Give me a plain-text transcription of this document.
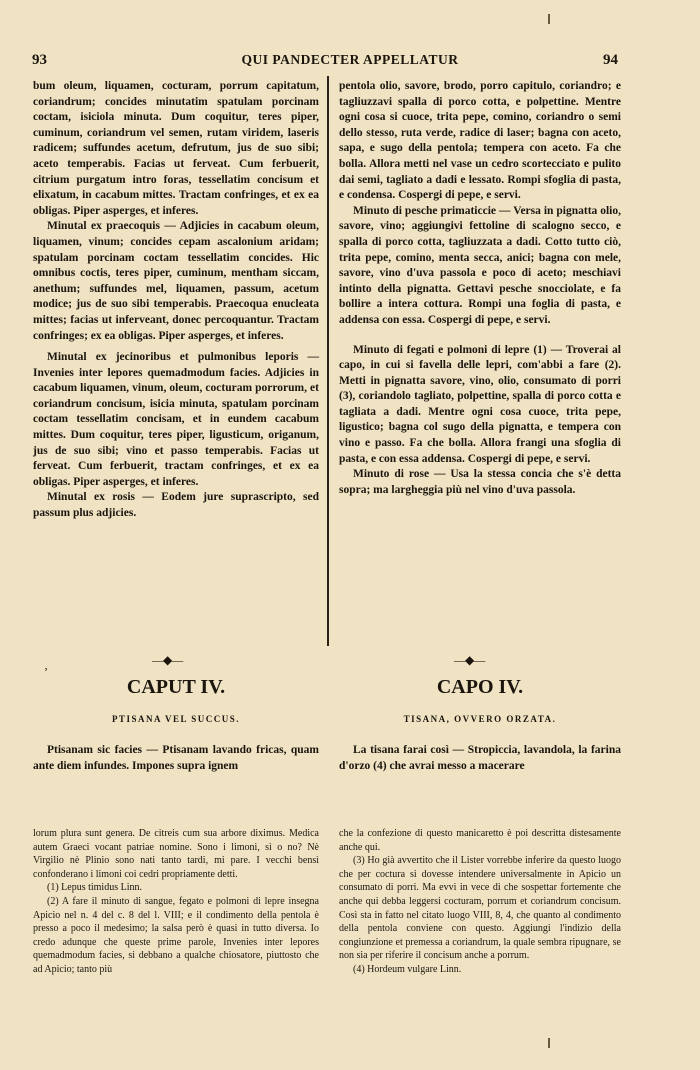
93	QUI PANDECTER APPELLATUR	94

bum oleum, liquamen, cocturam, porrum capitatum, coriandrum; concides minutatim spatulam porcinam coctam, isiciola minuta. Dum coquitur, teres piper, cuminum, coriandrum vel semen, rutam viridem, laseris radicem; suffundes acetum, defrutum, jus de suo sibi; aceto temperabis. Facias ut ferveat. Cum ferbuerit, citrium purgatum intro foras, tessellatim concisum et elixatum, in cacabum mittes. Tractam confringes, et ex ea obligas. Piper asperges, et inferes.

Minutal ex praecoquis — Adjicies in cacabum oleum, liquamen, vinum; concides cepam ascalonium aridam; spatulam porcinam coctam tessellatim concides. Hic omnibus coctis, teres piper, cuminum, mentham siccam, anethum; suffundes mel, liquamen, passum, acetum modice; jus de suo sibi temperabis. Praecoqua enucleata mittes; facias ut inferveant, donec percoquantur. Tractam confringes; ex ea obligas. Piper asperges, et inferes.

Minutal ex jecinoribus et pulmonibus leporis — Invenies inter lepores quemadmodum facies. Adjicies in cacabum liquamen, vinum, oleum, cocturam porrorum, et coriandrum concisum, isicia minuta, spatulam porcinam coctam tessellatim concisam, et in eundem cacabum mittes. Dum coquitur, teres piper, ligusticum, origanum, jus de suo sibi; vino et passo temperabis. Facias ut ferveat. Cum ferbuerit, tractam confringes, et ex ea obligas. Piper asperges, et inferes.

Minutal ex rosis — Eodem jure suprascripto, sed passum plus adjicies.

pentola olio, savore, brodo, porro capitulo, coriandro; e tagliuzzavi spalla di porco cotta, e polpettine. Mentre ogni cosa si cuoce, trita pepe, comino, coriandro o semi dello stesso, ruta verde, radice di laser; bagna con aceto, sapa, e sugo della pentola; tempera con aceto. Fa che bolla. Allora metti nel vase un cedro scortecciato e pulito dai semi, tagliato a dadi e lessato. Rompi sfoglia di pasta, e condensa. Cospergi di pepe, e servi.

Minuto di pesche primaticcie — Versa in pignatta olio, savore, vino; aggiungivi fettoline di scalogno secco, e spalla di porco cotta, tagliuzzata a dadi. Cotto tutto ciò, trita pepe, comino, menta secca, anici; bagna con mele, savore, vino d'uva passola e poco di aceto; meschiavi intinto della pignatta. Gettavi pesche snocciolate, e fa bollire a intera cottura. Rompi una foglia di pasta, e addensa con essa. Cospergi di pepe, e servi.

Minuto di fegati e polmoni di lepre (1) — Troverai al capo, in cui si favella delle lepri, com'abbi a fare (2). Metti in pignatta savore, vino, olio, consumato di porri (3), coriandolo tagliato, polpettine, spalla di porco cotta e tagliata a dadi. Mentre ogni cosa cuoce, trita pepe, ligustico; bagna col sugo della pignatta, e tempera con vino e passo. Fa che bolla. Allora frangi una sfoglia di pasta, e con essa addensa. Cospergi di pepe, e servi.

Minuto di rose — Usa la stessa concia che s'è detta sopra; ma largheggia più nel vino d'uva passola.

—◆—	—◆—
ʼ
CAPUT IV.	CAPO IV.
PTISANA VEL SUCCUS.	TISANA, OVVERO ORZATA.

Ptisanam sic facies — Ptisanam lavando fricas, quam ante diem infundes. Impones supra ignem

La tisana farai così — Stropiccia, lavandola, la farina d'orzo (4) che avrai messo a macerare

lorum plura sunt genera. De citreis cum sua arbore diximus. Medica autem Graeci vocant patriae nomine. Sono i limoni, sì o no? Nè Virgilio nè Plinio sono nati tanto tardi, mi pare. I vecchi bensì confonderano i limoni coi cedri propriamente detti.

(1) Lepus timidus Linn.

(2) A fare il minuto di sangue, fegato e polmoni di lepre insegna Apicio nel n. 4 del c. 8 del l. VIII; e il condimento della pentola è presso a poco il medesimo; la salsa però è quasi in tutto diversa. Io credo adunque che queste prime parole, Invenies inter lepores quemadmodum facies, si debbano a qualche chiosatore, piuttosto che ad Apicio; tanto più

che la confezione di questo manicaretto è poi descritta distesamente anche qui.

(3) Ho già avvertito che il Lister vorrebbe inferire da questo luogo che per coctura si dovesse intendere universalmente in Apicio un consumato di porri. Ma evvi in vece di che sospettar fortemente che anche qui debba leggersi cocturam, porrum et coriandrum concisum. Così sta in fatto nel citato luogo VIII, 8, 4, che quanto al condimento della pentola conviene con questo. Aggiungi l'indizio della congiunzione et premessa a coriandrum, la quale sembra ripugnare, se non sia per riferire il concisum anche a porrum.

(4) Hordeum vulgare Linn.
